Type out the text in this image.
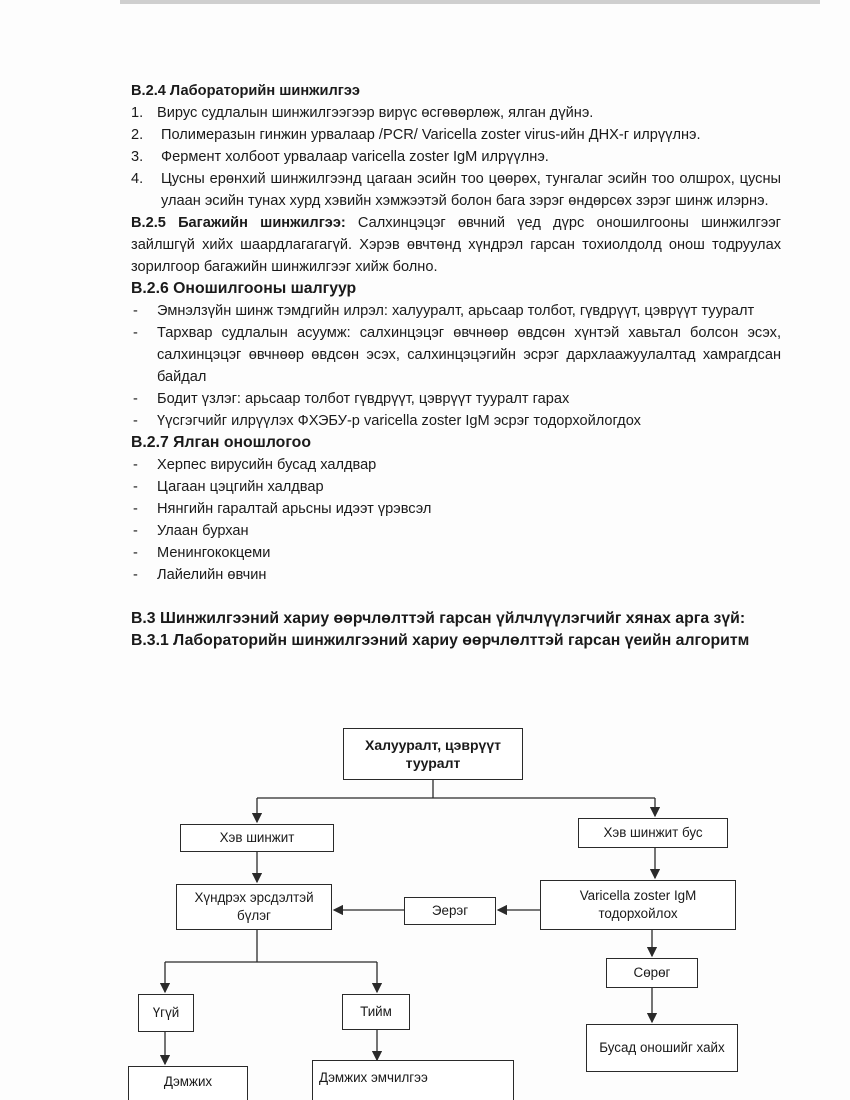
B.2.4 Лабораторийн шинжилгээ
1. Вирус судлалын шинжилгээгээр вирүс өсгөвөрлөж, ялган дүйнэ.
2.	Полимеразын гинжин урвалаар /PCR/ Varicella zoster virus-ийн ДНХ-г илрүүлнэ.
3.	Фермент холбоот урвалаар varicella zoster IgM илрүүлнэ.
4.	Цусны ерөнхий шинжилгээнд цагаан эсийн тоо цөөрөх, тунгалаг эсийн тоо олшрох, цусны улаан эсийн тунах хурд хэвийн хэмжээтэй болон бага зэрэг өндөрсөх зэрэг шинж илэрнэ.
B.2.5 Багажийн шинжилгээ: Салхинцэцэг өвчний үед дүрс оношилгооны шинжилгээг зайлшгүй хийх шаардлагагагүй. Хэрэв өвчтөнд хүндрэл гарсан тохиолдолд онош тодруулах зорилгоор багажийн шинжилгээг хийж болно.
B.2.6 Оношилгооны шалгуур
-	Эмнэлзүйн шинж тэмдгийн илрэл: халууралт, арьсаар толбот, гүвдрүүт, цэврүүт тууралт
-	Тархвар судлалын асуумж: салхинцэцэг өвчнөөр өвдсөн хүнтэй хавьтал болсон эсэх, салхинцэцэг өвчнөөр өвдсөн эсэх, салхинцэцэгийн эсрэг дархлаажуулалтад хамрагдсан байдал
-	Бодит үзлэг: арьсаар толбот гүвдрүүт, цэврүүт тууралт гарах
-	Үүсгэгчийг илрүүлэх ФХЭБУ-р varicella zoster IgM эсрэг тодорхойлогдох
B.2.7 Ялган оношлогоо
-	Херпес вирусийн бусад халдвар
-	Цагаан цэцгийн халдвар
-	Нянгийн гаралтай арьсны идээт үрэвсэл
-	Улаан бурхан
-	Менингококцеми
-	Лайелийн өвчин
B.3 Шинжилгээний хариу өөрчлөлттэй гарсан үйлчлүүлэгчийг хянах арга зүй:
B.3.1 Лабораторийн шинжилгээний хариу өөрчлөлттэй гарсан үеийн алгоритм
Халууралт, цэврүүт тууралт
Хэв шинжит	Хэв шинжит бус
Хүндрэх эрсдэлтэй бүлэг	Эерэг
Varicella zoster IgM тодорхойлох
Сөрөг
Үгүй	Тийм
Бусад оношийг хайх
Дэмжих	Дэмжих эмчилгээ
